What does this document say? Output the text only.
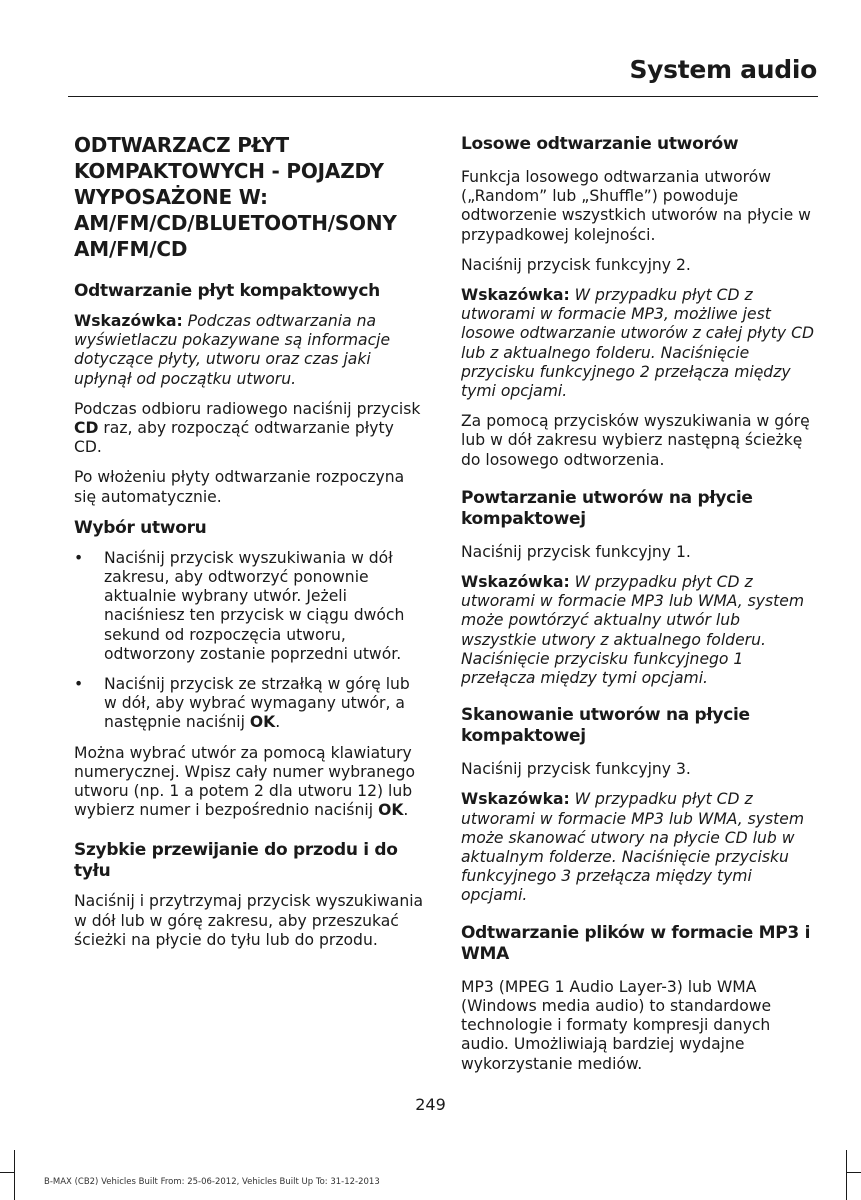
System audio
ODTWARZACZ PŁYT KOMPAKTOWYCH - POJAZDY WYPOSAŻONE W: AM/FM/CD/BLUETOOTH/SONY AM/FM/CD
Odtwarzanie płyt kompaktowych

Wskazówka: Podczas odtwarzania na wyświetlaczu pokazywane są informacje dotyczące płyty, utworu oraz czas jaki upłynął od początku utworu.

Podczas odbioru radiowego naciśnij przycisk CD raz, aby rozpocząć odtwarzanie płyty CD.

Po włożeniu płyty odtwarzanie rozpoczyna się automatycznie.

Wybór utworu
• Naciśnij przycisk wyszukiwania w dół zakresu, aby odtworzyć ponownie aktualnie wybrany utwór. Jeżeli naciśniesz ten przycisk w ciągu dwóch sekund od rozpoczęcia utworu, odtworzony zostanie poprzedni utwór.
• Naciśnij przycisk ze strzałką w górę lub w dół, aby wybrać wymagany utwór, a następnie naciśnij OK.

Można wybrać utwór za pomocą klawiatury numerycznej. Wpisz cały numer wybranego utworu (np. 1 a potem 2 dla utworu 12) lub wybierz numer i bezpośrednio naciśnij OK.

Szybkie przewijanie do przodu i do tyłu

Naciśnij i przytrzymaj przycisk wyszukiwania w dół lub w górę zakresu, aby przeszukać ścieżki na płycie do tyłu lub do przodu.

Losowe odtwarzanie utworów

Funkcja losowego odtwarzania utworów („Random” lub „Shuffle”) powoduje odtworzenie wszystkich utworów na płycie w przypadkowej kolejności.

Naciśnij przycisk funkcyjny 2.

Wskazówka: W przypadku płyt CD z utworami w formacie MP3, możliwe jest losowe odtwarzanie utworów z całej płyty CD lub z aktualnego folderu. Naciśnięcie przycisku funkcyjnego 2 przełącza między tymi opcjami.

Za pomocą przycisków wyszukiwania w górę lub w dół zakresu wybierz następną ścieżkę do losowego odtworzenia.

Powtarzanie utworów na płycie kompaktowej

Naciśnij przycisk funkcyjny 1.

Wskazówka: W przypadku płyt CD z utworami w formacie MP3 lub WMA, system może powtórzyć aktualny utwór lub wszystkie utwory z aktualnego folderu. Naciśnięcie przycisku funkcyjnego 1 przełącza między tymi opcjami.

Skanowanie utworów na płycie kompaktowej

Naciśnij przycisk funkcyjny 3.

Wskazówka: W przypadku płyt CD z utworami w formacie MP3 lub WMA, system może skanować utwory na płycie CD lub w aktualnym folderze. Naciśnięcie przycisku funkcyjnego 3 przełącza między tymi opcjami.

Odtwarzanie plików w formacie MP3 i WMA

MP3 (MPEG 1 Audio Layer-3) lub WMA (Windows media audio) to standardowe technologie i formaty kompresji danych audio. Umożliwiają bardziej wydajne wykorzystanie mediów.

249
B-MAX (CB2) Vehicles Built From: 25-06-2012, Vehicles Built Up To: 31-12-2013
